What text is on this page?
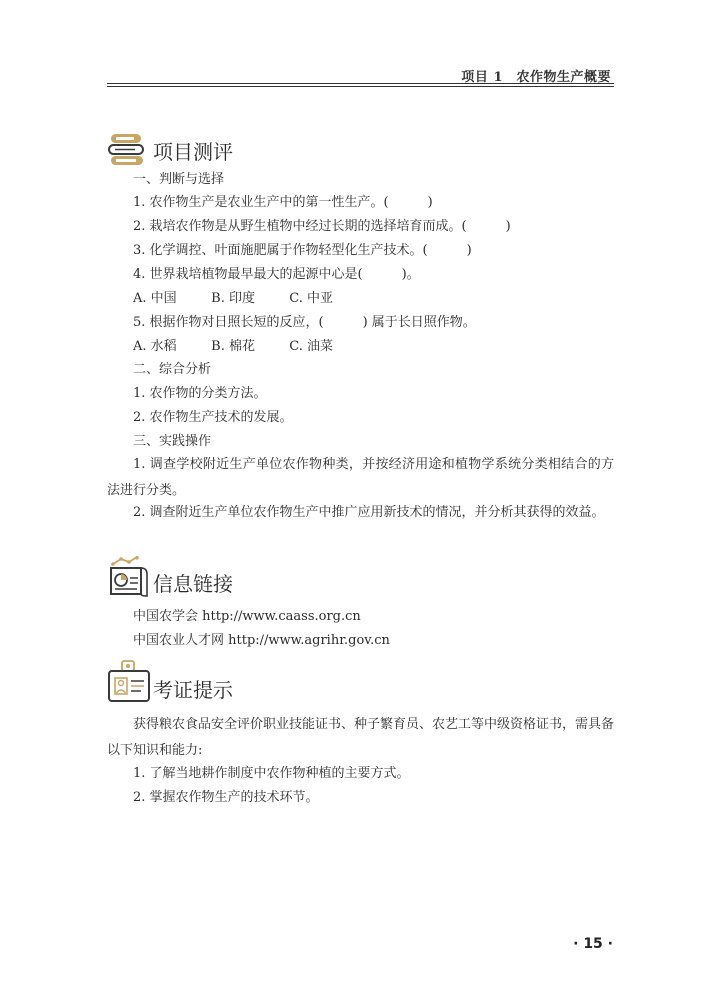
项目 1　农作物生产概要
项目测评
一、判断与选择
1. 农作物生产是农业生产中的第一性生产。(　　　)
2. 栽培农作物是从野生植物中经过长期的选择培育而成。(　　　)
3. 化学调控、叶面施肥属于作物轻型化生产技术。(　　　)
4. 世界栽培植物最早最大的起源中心是(　　　)。
A. 中国	B. 印度	C. 中亚
5. 根据作物对日照长短的反应，(　　　) 属于长日照作物。
A. 水稻	B. 棉花	C. 油菜
二、综合分析
1. 农作物的分类方法。
2. 农作物生产技术的发展。
三、实践操作
1. 调查学校附近生产单位农作物种类，并按经济用途和植物学系统分类相结合的方法进行分类。
2. 调查附近生产单位农作物生产中推广应用新技术的情况，并分析其获得的效益。
信息链接
中国农学会 http://www.caass.org.cn
中国农业人才网 http://www.agrihr.gov.cn
考证提示
获得粮农食品安全评价职业技能证书、种子繁育员、农艺工等中级资格证书，需具备以下知识和能力:
1. 了解当地耕作制度中农作物种植的主要方式。
2. 掌握农作物生产的技术环节。
· 15 ·
